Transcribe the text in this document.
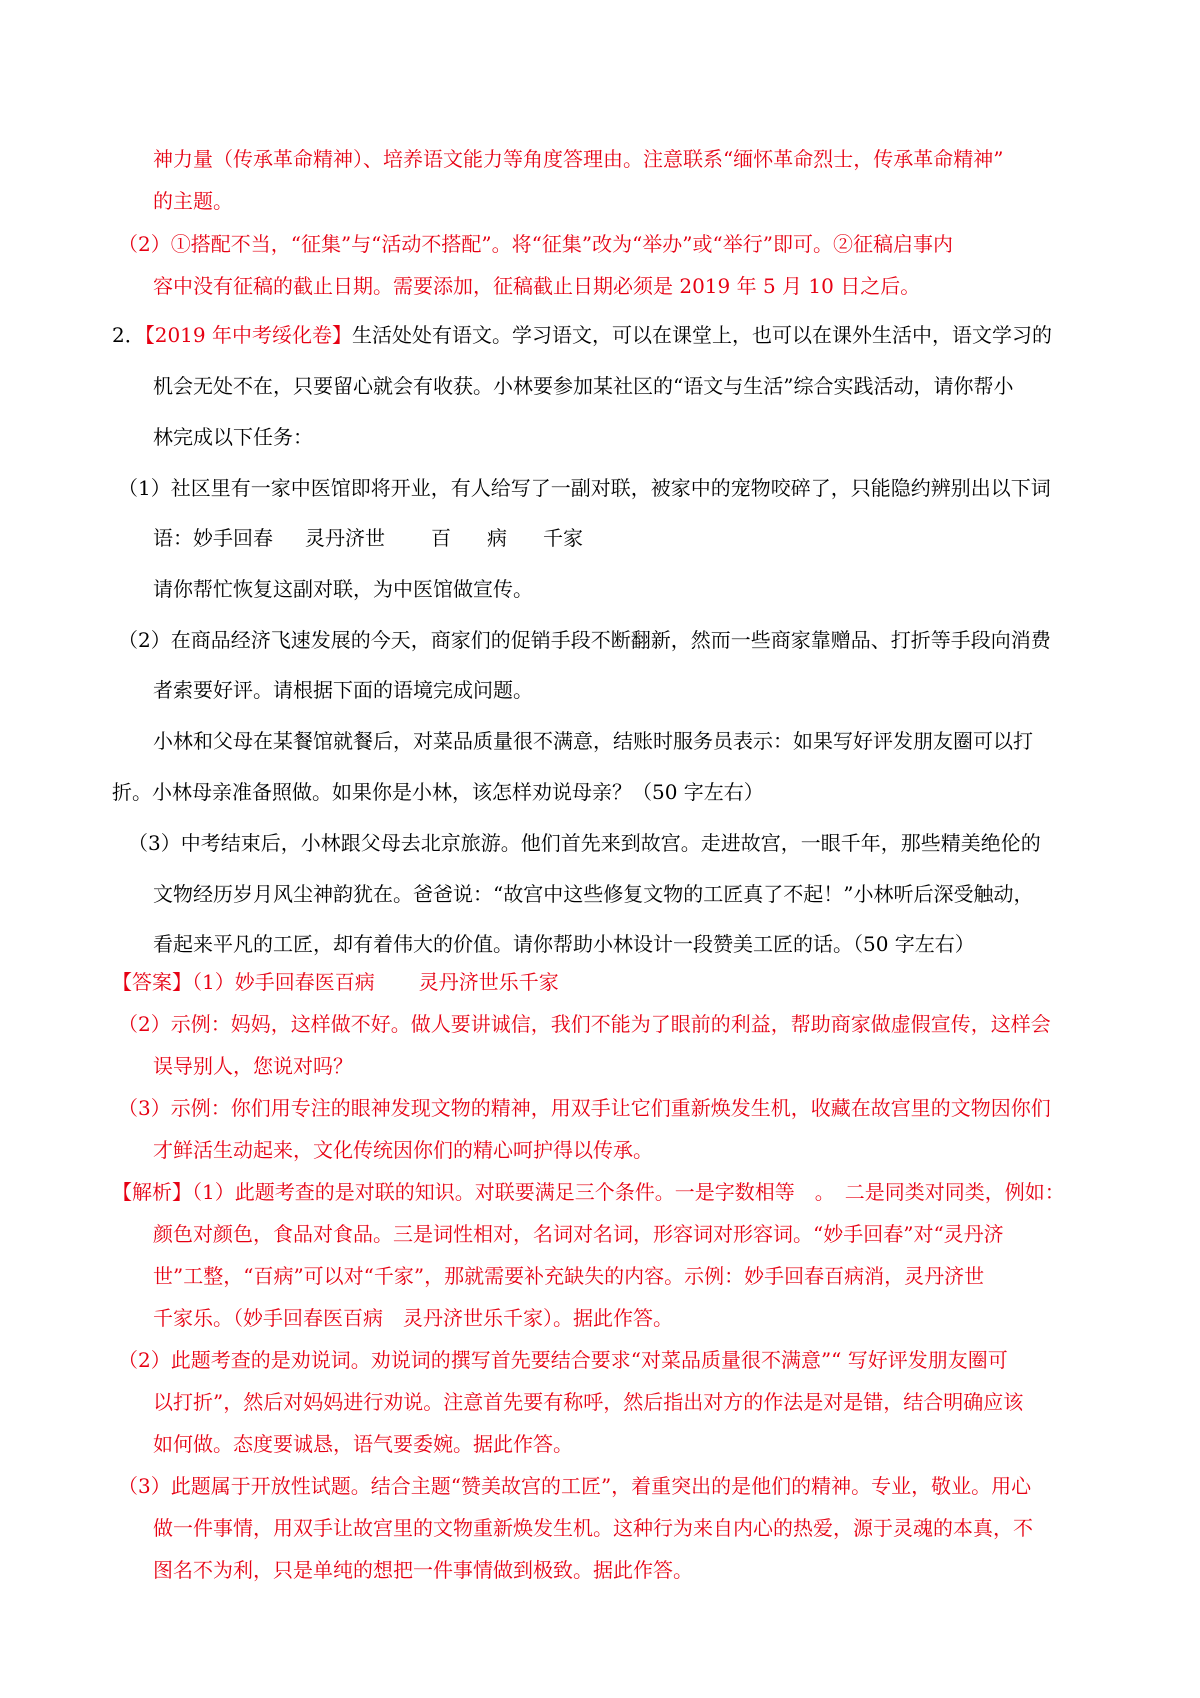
神力量（传承革命精神）、培养语文能力等角度答理由。注意联系“缅怀革命烈士，传承革命精神”
的主题。
（2）①搭配不当，“征集”与“活动不搭配”。将“征集”改为“举办”或“举行”即可。②征稿启事内
容中没有征稿的截止日期。需要添加，征稿截止日期必须是 2019 年 5 月 10 日之后。
2．【2019 年中考绥化卷】生活处处有语文。学习语文，可以在课堂上，也可以在课外生活中，语文学习的
机会无处不在，只要留心就会有收获。小林要参加某社区的“语文与生活”综合实践活动，请你帮小
林完成以下任务：
（1）社区里有一家中医馆即将开业，有人给写了一副对联，被家中的宠物咬碎了，只能隐约辨别出以下词
语：妙手回春 灵丹济世 百 病 千家
请你帮忙恢复这副对联，为中医馆做宣传。
（2）在商品经济飞速发展的今天，商家们的促销手段不断翻新，然而一些商家靠赠品、打折等手段向消费
者索要好评。请根据下面的语境完成问题。
小林和父母在某餐馆就餐后，对菜品质量很不满意，结账时服务员表示：如果写好评发朋友圈可以打
折。小林母亲准备照做。如果你是小林，该怎样劝说母亲？（50 字左右）
（3）中考结束后，小林跟父母去北京旅游。他们首先来到故宫。走进故宫，一眼千年，那些精美绝伦的
文物经历岁月风尘神韵犹在。爸爸说：“故宫中这些修复文物的工匠真了不起！”小林听后深受触动，
看起来平凡的工匠，却有着伟大的价值。请你帮助小林设计一段赞美工匠的话。（50 字左右）
【答案】（1）妙手回春医百病 灵丹济世乐千家
（2）示例：妈妈，这样做不好。做人要讲诚信，我们不能为了眼前的利益，帮助商家做虚假宣传，这样会
误导别人，您说对吗？
（3）示例：你们用专注的眼神发现文物的精神，用双手让它们重新焕发生机，收藏在故宫里的文物因你们
才鲜活生动起来，文化传统因你们的精心呵护得以传承。
【解析】（1）此题考查的是对联的知识。对联要满足三个条件。一是字数相等　。　二是同类对同类，例如：
颜色对颜色，食品对食品。三是词性相对，名词对名词，形容词对形容词。“妙手回春”对“灵丹济
世”工整，“百病”可以对“千家”，那就需要补充缺失的内容。示例：妙手回春百病消，灵丹济世
千家乐。（妙手回春医百病　灵丹济世乐千家）。据此作答。
（2）此题考查的是劝说词。劝说词的撰写首先要结合要求“对菜品质量很不满意”“ 写好评发朋友圈可
以打折”，然后对妈妈进行劝说。注意首先要有称呼，然后指出对方的作法是对是错，结合明确应该
如何做。态度要诚恳，语气要委婉。据此作答。
（3）此题属于开放性试题。结合主题“赞美故宫的工匠”，着重突出的是他们的精神。专业，敬业。用心
做一件事情，用双手让故宫里的文物重新焕发生机。这种行为来自内心的热爱，源于灵魂的本真，不
图名不为利，只是单纯的想把一件事情做到极致。据此作答。
